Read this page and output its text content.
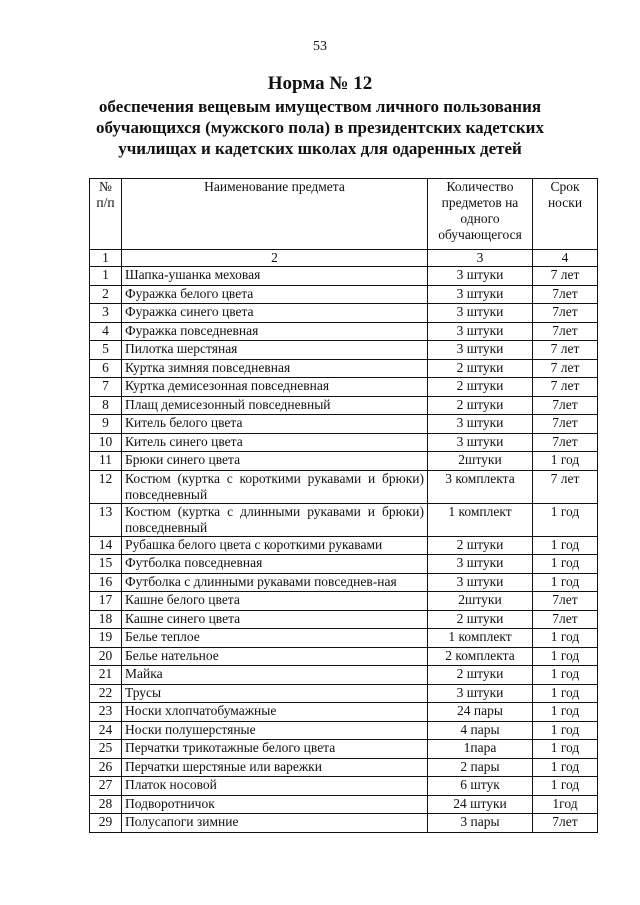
53
Норма № 12
обеспечения вещевым имуществом личного пользования
обучающихся (мужского пола) в президентских кадетских
училищах и кадетских школах для одаренных детей
№ п/п	Наименование предмета	Количество предметов на одного обучающегося	Срок носки
1	2	3	4
1	Шапка-ушанка меховая	3 штуки	7 лет
2	Фуражка белого цвета	3 штуки	7лет
3	Фуражка синего цвета	3 штуки	7лет
4	Фуражка повседневная	3 штуки	7лет
5	Пилотка шерстяная	3 штуки	7 лет
6	Куртка зимняя повседневная	2 штуки	7 лет
7	Куртка демисезонная повседневная	2 штуки	7 лет
8	Плащ демисезонный повседневный	2 штуки	7лет
9	Китель белого цвета	3 штуки	7лет
10	Китель синего цвета	3 штуки	7лет
11	Брюки синего цвета	2штуки	1 год
12	Костюм (куртка с короткими рукавами и брюки) повседневный	3 комплекта	7 лет
13	Костюм (куртка с длинными рукавами и брюки) повседневный	1 комплект	1 год
14	Рубашка белого цвета с короткими рукавами	2 штуки	1 год
15	Футболка повседневная	3 штуки	1 год
16	Футболка с длинными рукавами повседнев-ная	3 штуки	1 год
17	Кашне белого цвета	2штуки	7лет
18	Кашне синего цвета	2 штуки	7лет
19	Белье теплое	1 комплект	1 год
20	Белье нательное	2 комплекта	1 год
21	Майка	2 штуки	1 год
22	Трусы	3 штуки	1 год
23	Носки хлопчатобумажные	24 пары	1 год
24	Носки полушерстяные	4 пары	1 год
25	Перчатки трикотажные белого цвета	1пара	1 год
26	Перчатки шерстяные или варежки	2 пары	1 год
27	Платок носовой	6 штук	1 год
28	Подворотничок	24 штуки	1год
29	Полусапоги зимние	3 пары	7лет
